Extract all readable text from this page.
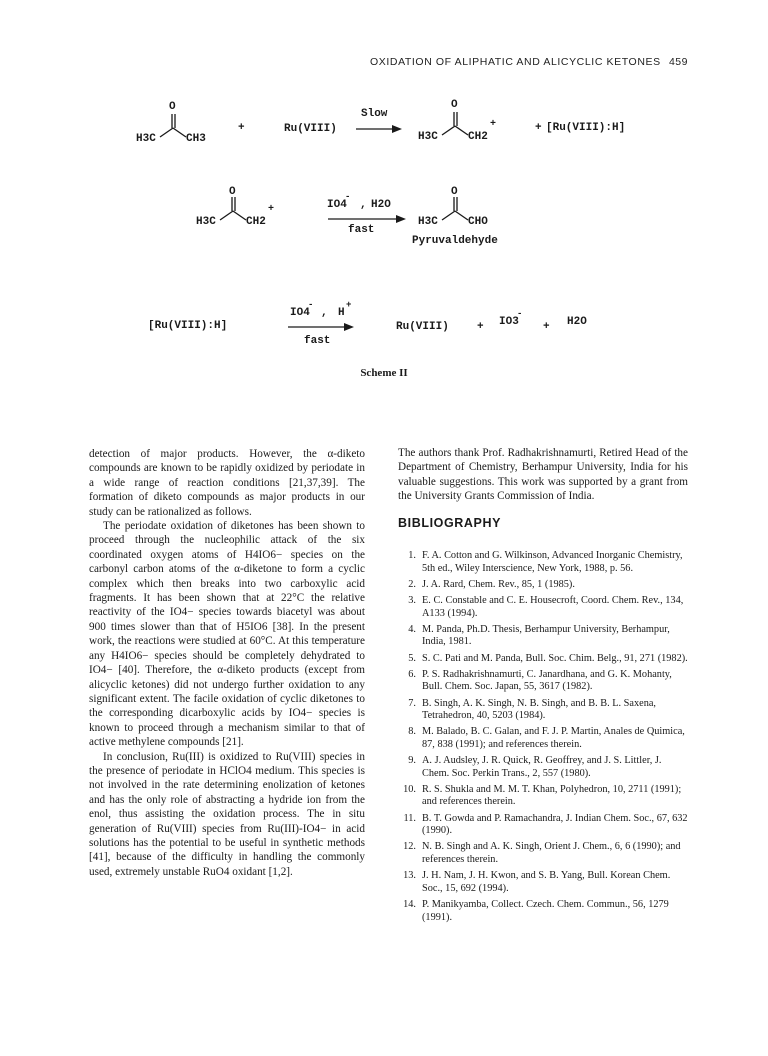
OXIDATION OF ALIPHATIC AND ALICYCLIC KETONES 459
O
H3C	CH3
+	Ru(VIII)
Slow
O
H3C	CH2
+	+ [Ru(VIII):H]
O
H3C	CH2
+	IO4
-
, H2O
fast
O
H3C	CHO
Pyruvaldehyde
[Ru(VIII):H]
IO4
-
, H
+
fast
Ru(VIII)	+ IO3
-
+ H2O
Scheme II

detection of major products. However, the α-diketo compounds are known to be rapidly oxidized by periodate in a wide range of reaction conditions [21,37,39]. The formation of diketo compounds as major products in our study can be rationalized as follows.

The periodate oxidation of diketones has been shown to proceed through the nucleophilic attack of the six coordinated oxygen atoms of H4IO6− species on the carbonyl carbon atoms of the α-diketone to form a cyclic complex which then breaks into two carboxylic acid fragments. It has been shown that at 22°C the relative reactivity of the IO4− species towards biacetyl was about 900 times slower than that of H5IO6 [38]. In the present work, the reactions were studied at 60°C. At this temperature any H4IO6− species should be completely dehydrated to IO4− [40]. Therefore, the α-diketo products (except from alicyclic ketones) did not undergo further oxidation to any significant extent. The facile oxidation of cyclic diketones to the corresponding dicarboxylic acids by IO4− species is known to proceed through a mechanism similar to that of active methylene compounds [21].

In conclusion, Ru(III) is oxidized to Ru(VIII) species in the presence of periodate in HClO4 medium. This species is not involved in the rate determining enolization of ketones and has the only role of abstracting a hydride ion from the enol, thus assisting the oxidation process. The in situ generation of Ru(VIII) species from Ru(III)-IO4− in acid solutions has the potential to be useful in synthetic methods [41], because of the difficulty in handling the commonly used, extremely unstable RuO4 oxidant [1,2].

The authors thank Prof. Radhakrishnamurti, Retired Head of the Department of Chemistry, Berhampur University, India for his valuable suggestions. This work was supported by a grant from the University Grants Commission of India.

BIBLIOGRAPHY
1 . F. A. Cotton and G. Wilkinson, Advanced Inorganic Chemistry, 5th ed., Wiley Interscience, New York, 1988, p. 56.
2 . J. A. Rard, Chem. Rev., 85, 1 (1985).
3 . E. C. Constable and C. E. Housecroft, Coord. Chem. Rev., 134, A133 (1994).
4 . M. Panda, Ph.D. Thesis, Berhampur University, Berhampur, India, 1981.
5 . S. C. Pati and M. Panda, Bull. Soc. Chim. Belg., 91, 271 (1982).
6 . P. S. Radhakrishnamurti, C. Janardhana, and G. K. Mohanty, Bull. Chem. Soc. Japan, 55, 3617 (1982).
7 . B. Singh, A. K. Singh, N. B. Singh, and B. B. L. Saxena, Tetrahedron, 40, 5203 (1984).
8 . M. Balado, B. C. Galan, and F. J. P. Martin, Anales de Quimica, 87, 838 (1991); and references therein.
9 . A. J. Audsley, J. R. Quick, R. Geoffrey, and J. S. Littler, J. Chem. Soc. Perkin Trans., 2, 557 (1980).
10 . R. S. Shukla and M. M. T. Khan, Polyhedron, 10, 2711 (1991); and references therein.
11 . B. T. Gowda and P. Ramachandra, J. Indian Chem. Soc., 67, 632 (1990).
12 . N. B. Singh and A. K. Singh, Orient J. Chem., 6, 6 (1990); and references therein.
13 . J. H. Nam, J. H. Kwon, and S. B. Yang, Bull. Korean Chem. Soc., 15, 692 (1994).
14 . P. Manikyamba, Collect. Czech. Chem. Commun., 56, 1279 (1991).
